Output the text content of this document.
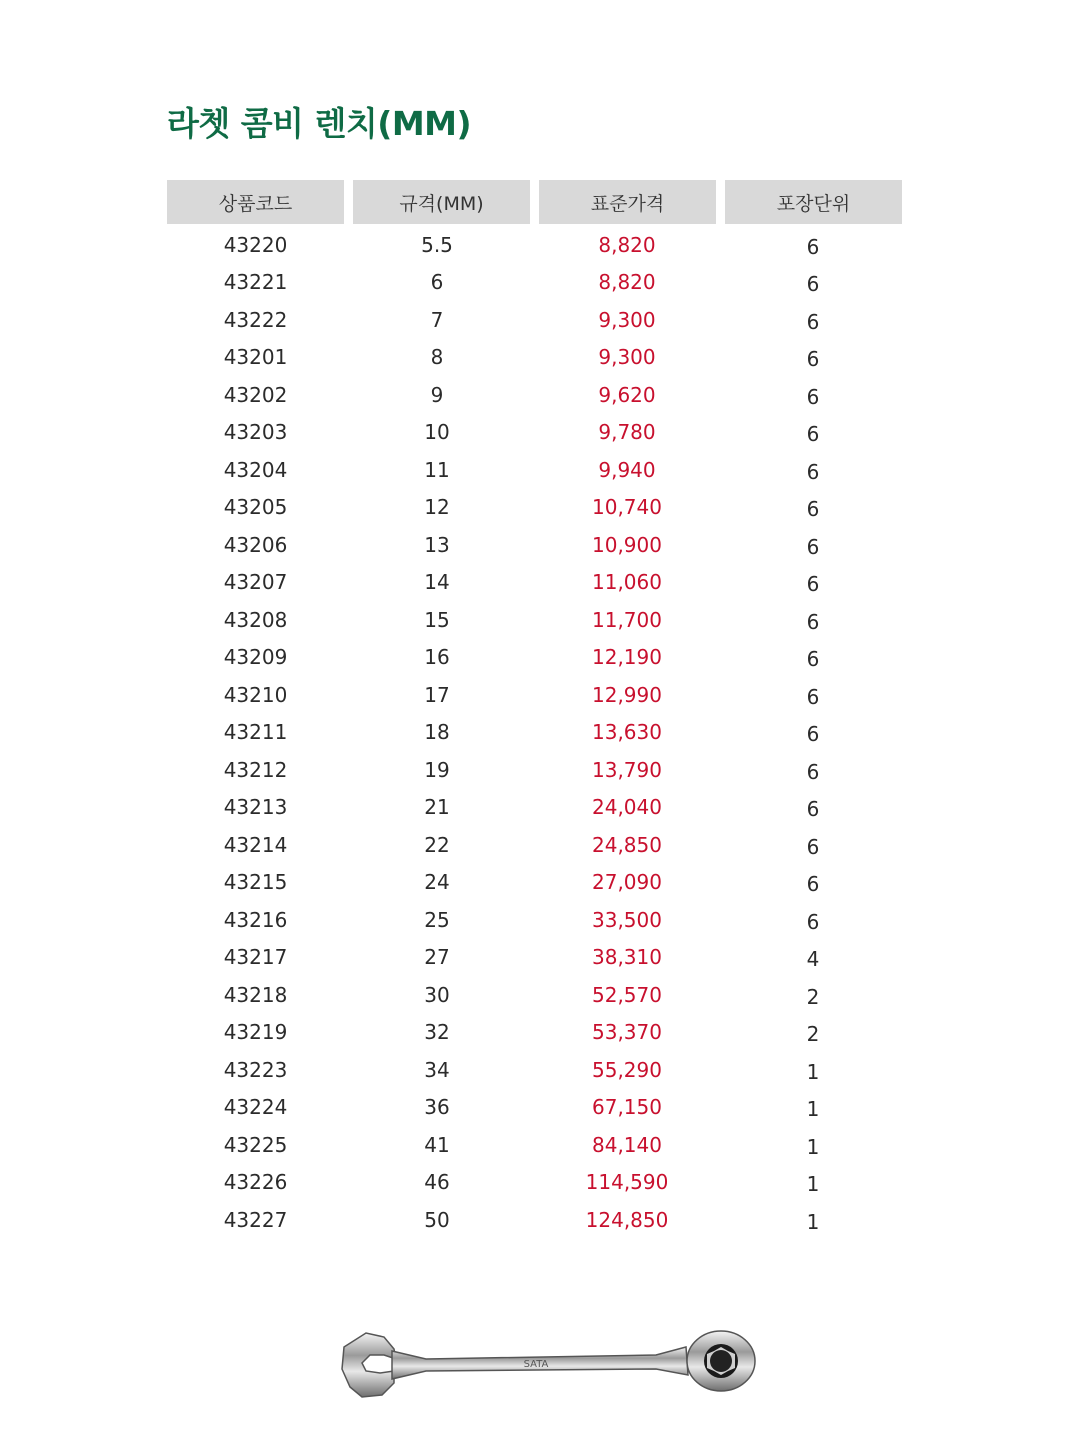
라쳇 콤비 렌치(MM)
상품코드	규격(MM)	표준가격	포장단위
43220	5.5	8,820	6
43221	6	8,820	6
43222	7	9,300	6
43201	8	9,300	6
43202	9	9,620	6
43203	10	9,780	6
43204	11	9,940	6
43205	12	10,740	6
43206	13	10,900	6
43207	14	11,060	6
43208	15	11,700	6
43209	16	12,190	6
43210	17	12,990	6
43211	18	13,630	6
43212	19	13,790	6
43213	21	24,040	6
43214	22	24,850	6
43215	24	27,090	6
43216	25	33,500	6
43217	27	38,310	4
43218	30	52,570	2
43219	32	53,370	2
43223	34	55,290	1
43224	36	67,150	1
43225	41	84,140	1
43226	46	114,590	1
43227	50	124,850	1
SATA
